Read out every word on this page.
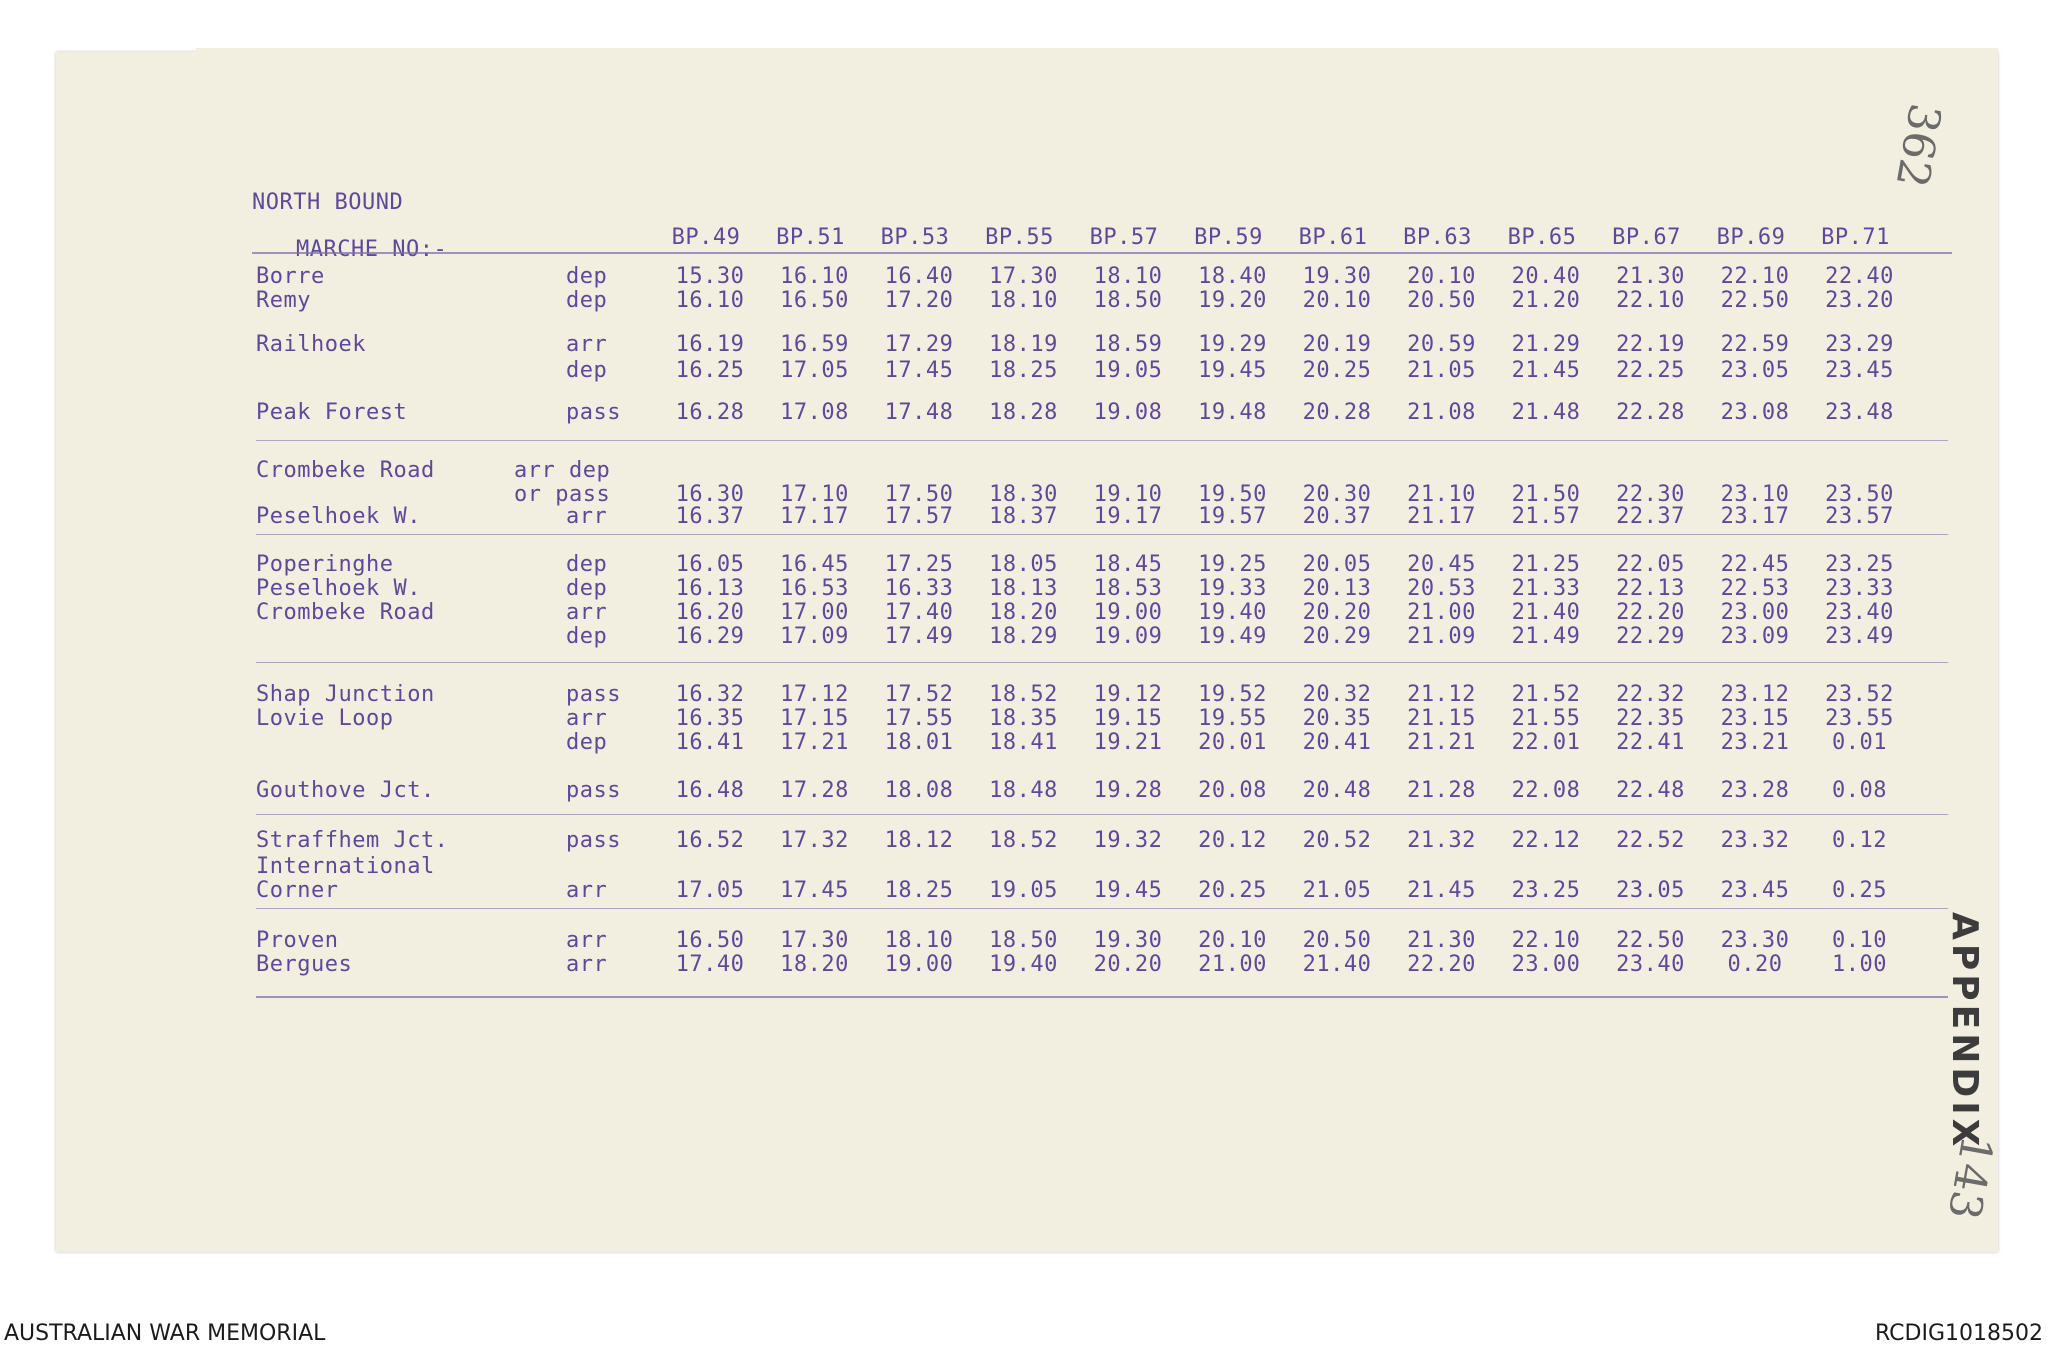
NORTH BOUND
MARCHE NO:-	BP.49	BP.51	BP.53	BP.55	BP.57	BP.59	BP.61	BP.63	BP.65	BP.67	BP.69	BP.71
Borre	dep	15.30	16.10	16.40	17.30	18.10	18.40	19.30	20.10	20.40	21.30	22.10	22.40
Remy	dep	16.10	16.50	17.20	18.10	18.50	19.20	20.10	20.50	21.20	22.10	22.50	23.20
Railhoek	arr	16.19	16.59	17.29	18.19	18.59	19.29	20.19	20.59	21.29	22.19	22.59	23.29
dep	16.25	17.05	17.45	18.25	19.05	19.45	20.25	21.05	21.45	22.25	23.05	23.45
Peak Forest	pass	16.28	17.08	17.48	18.28	19.08	19.48	20.28	21.08	21.48	22.28	23.08	23.48
Crombeke Road	arr dep
or pass	16.30	17.10	17.50	18.30	19.10	19.50	20.30	21.10	21.50	22.30	23.10	23.50
Peselhoek W.	arr	16.37	17.17	17.57	18.37	19.17	19.57	20.37	21.17	21.57	22.37	23.17	23.57
Poperinghe	dep	16.05	16.45	17.25	18.05	18.45	19.25	20.05	20.45	21.25	22.05	22.45	23.25
Peselhoek W.	dep	16.13	16.53	16.33	18.13	18.53	19.33	20.13	20.53	21.33	22.13	22.53	23.33
Crombeke Road	arr	16.20	17.00	17.40	18.20	19.00	19.40	20.20	21.00	21.40	22.20	23.00	23.40
dep	16.29	17.09	17.49	18.29	19.09	19.49	20.29	21.09	21.49	22.29	23.09	23.49
Shap Junction	pass	16.32	17.12	17.52	18.52	19.12	19.52	20.32	21.12	21.52	22.32	23.12	23.52
Lovie Loop	arr	16.35	17.15	17.55	18.35	19.15	19.55	20.35	21.15	21.55	22.35	23.15	23.55
dep	16.41	17.21	18.01	18.41	19.21	20.01	20.41	21.21	22.01	22.41	23.21	0.01
Gouthove Jct.	pass	16.48	17.28	18.08	18.48	19.28	20.08	20.48	21.28	22.08	22.48	23.28	0.08
Straffhem Jct.	pass	16.52	17.32	18.12	18.52	19.32	20.12	20.52	21.32	22.12	22.52	23.32	0.12
International
Corner	arr	17.05	17.45	18.25	19.05	19.45	20.25	21.05	21.45	23.25	23.05	23.45	0.25
Proven	arr	16.50	17.30	18.10	18.50	19.30	20.10	20.50	21.30	22.10	22.50	23.30	0.10
Bergues	arr	17.40	18.20	19.00	19.40	20.20	21.00	21.40	22.20	23.00	23.40	0.20	1.00
362
APPENDIX
143
AUSTRALIAN WAR MEMORIAL	RCDIG1018502
